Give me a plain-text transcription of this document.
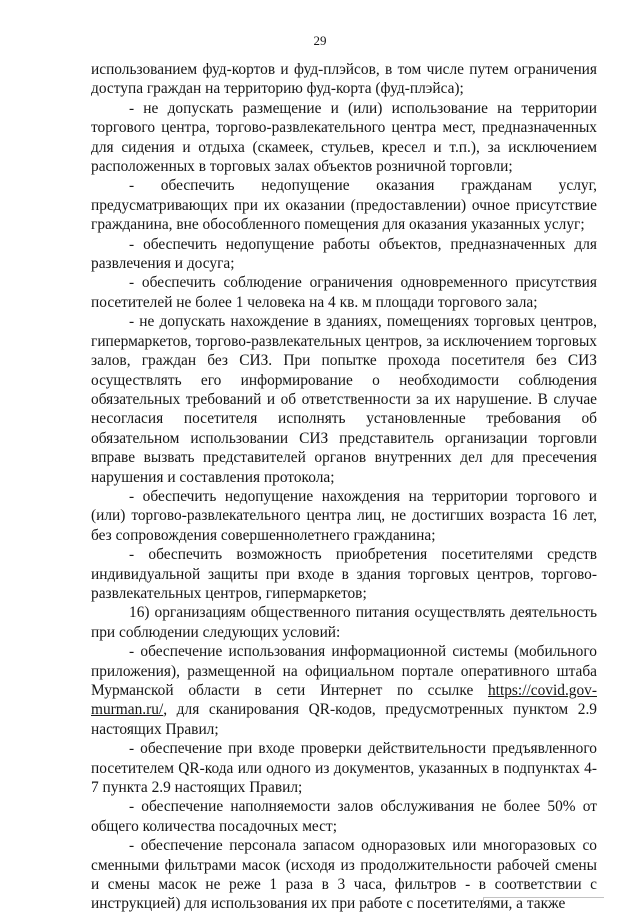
29

использованием фуд-кортов и фуд-плэйсов, в том числе путем ограничения доступа граждан на территорию фуд-корта (фуд-плэйса);

- не допускать размещение и (или) использование на территории торгового центра, торгово-развлекательного центра мест, предназначенных для сидения и отдыха (скамеек, стульев, кресел и т.п.), за исключением расположенных в торговых залах объектов розничной торговли;

- обеспечить недопущение оказания гражданам услуг, предусматривающих при их оказании (предоставлении) очное присутствие гражданина, вне обособленного помещения для оказания указанных услуг;

- обеспечить недопущение работы объектов, предназначенных для развлечения и досуга;

- обеспечить соблюдение ограничения одновременного присутствия посетителей не более 1 человека на 4 кв. м площади торгового зала;

- не допускать нахождение в зданиях, помещениях торговых центров, гипермаркетов, торгово-развлекательных центров, за исключением торговых залов, граждан без СИЗ. При попытке прохода посетителя без СИЗ осуществлять его информирование о необходимости соблюдения обязательных требований и об ответственности за их нарушение. В случае несогласия посетителя исполнять установленные требования об обязательном использовании СИЗ представитель организации торговли вправе вызвать представителей органов внутренних дел для пресечения нарушения и составления протокола;

- обеспечить недопущение нахождения на территории торгового и (или) торгово-развлекательного центра лиц, не достигших возраста 16 лет, без сопровождения совершеннолетнего гражданина;

- обеспечить возможность приобретения посетителями средств индивидуальной защиты при входе в здания торговых центров, торгово-развлекательных центров, гипермаркетов;

16) организациям общественного питания осуществлять деятельность при соблюдении следующих условий:

- обеспечение использования информационной системы (мобильного приложения), размещенной на официальном портале оперативного штаба Мурманской области в сети Интернет по ссылке https://covid.gov-murman.ru/, для сканирования QR-кодов, предусмотренных пунктом 2.9 настоящих Правил;

- обеспечение при входе проверки действительности предъявленного посетителем QR-кода или одного из документов, указанных в подпунктах 4-7 пункта 2.9 настоящих Правил;

- обеспечение наполняемости залов обслуживания не более 50% от общего количества посадочных мест;

- обеспечение персонала запасом одноразовых или многоразовых со сменными фильтрами масок (исходя из продолжительности рабочей смены и смены масок не реже 1 раза в 3 часа, фильтров - в соответствии с инструкцией) для использования их при работе с посетителями, а также
